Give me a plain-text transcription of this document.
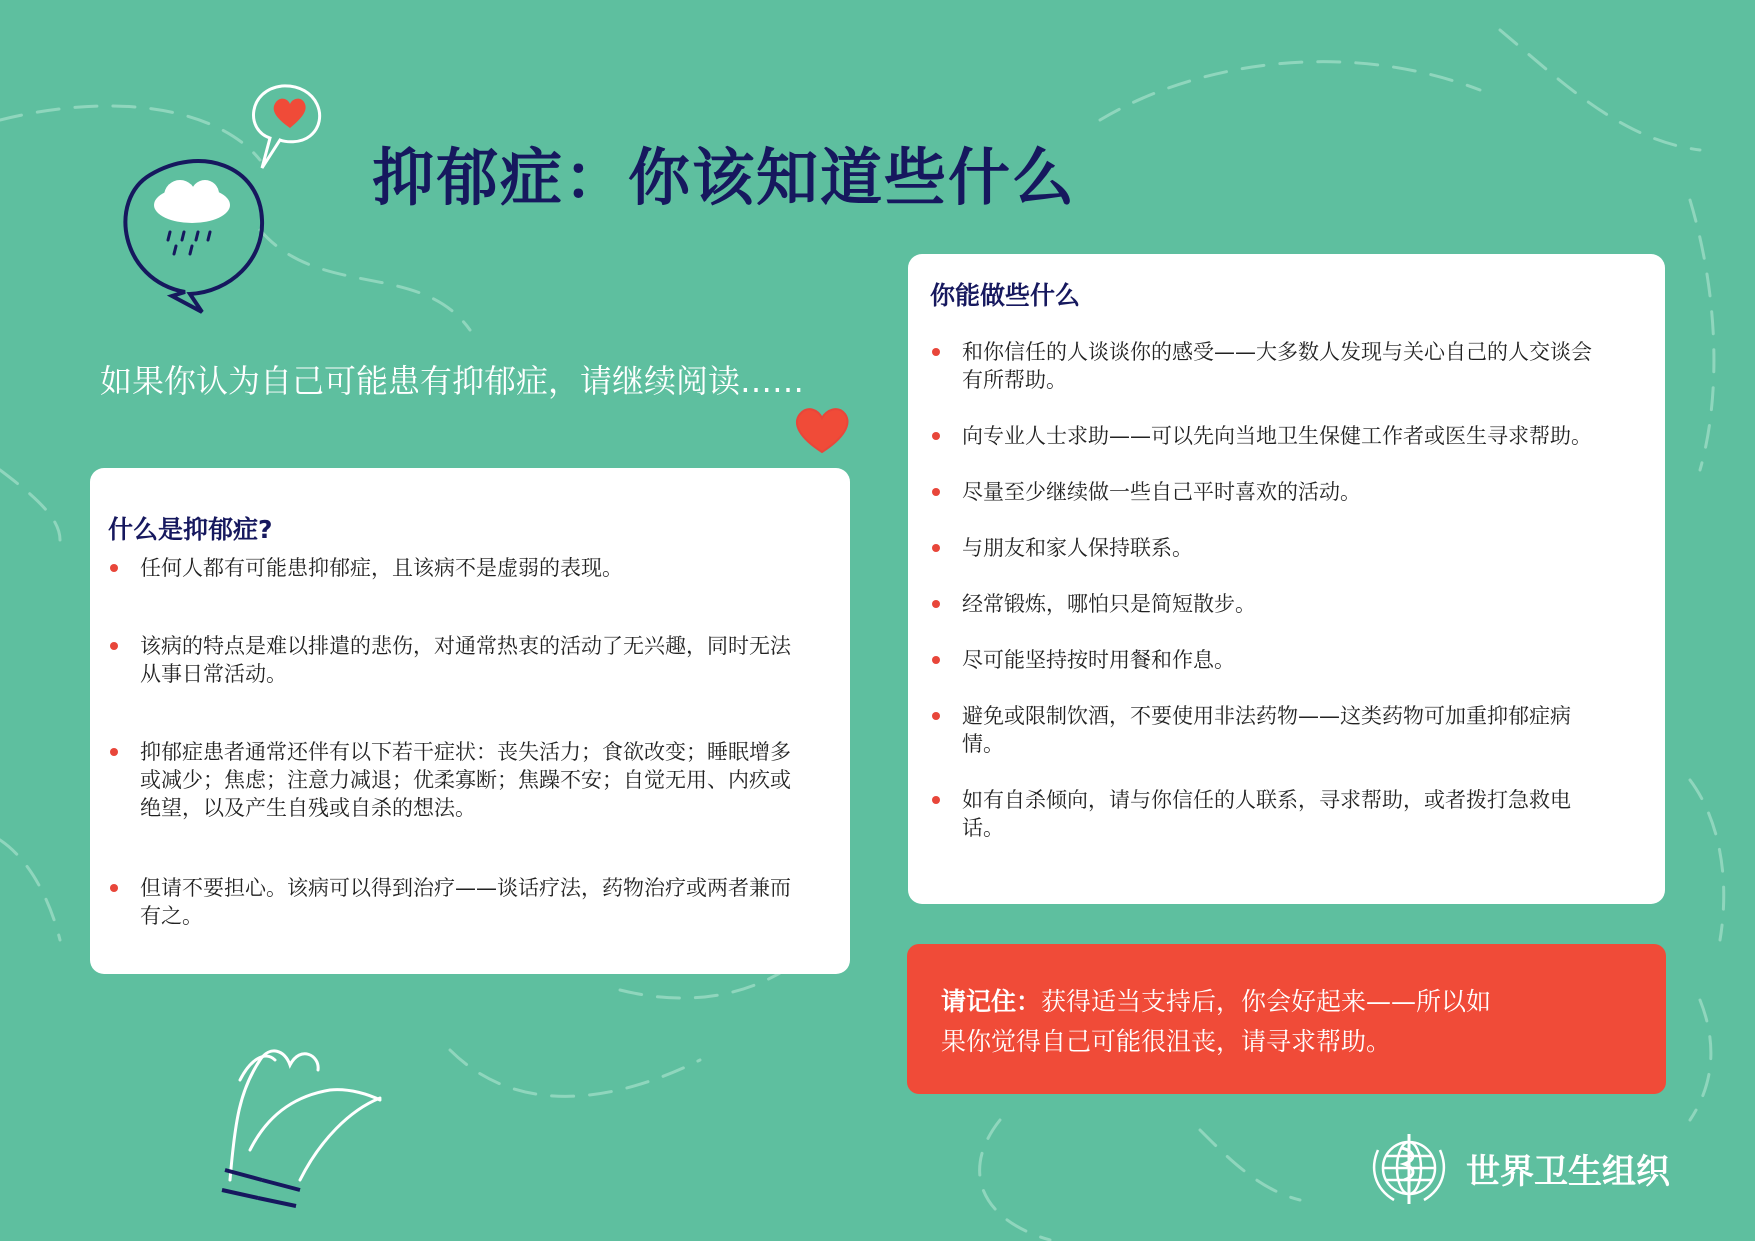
抑郁症：你该知道些什么
如果你认为自己可能患有抑郁症，请继续阅读……
什么是抑郁症?
任何人都有可能患抑郁症，且该病不是虚弱的表现。
该病的特点是难以排遣的悲伤，对通常热衷的活动了无兴趣，同时无法从事日常活动。
抑郁症患者通常还伴有以下若干症状：丧失活力；食欲改变；睡眠增多或减少；焦虑；注意力减退；优柔寡断；焦躁不安；自觉无用、内疚或绝望，以及产生自残或自杀的想法。
但请不要担心。该病可以得到治疗——谈话疗法，药物治疗或两者兼而有之。
你能做些什么
和你信任的人谈谈你的感受——大多数人发现与关心自己的人交谈会有所帮助。
向专业人士求助——可以先向当地卫生保健工作者或医生寻求帮助。
尽量至少继续做一些自己平时喜欢的活动。
与朋友和家人保持联系。
经常锻炼，哪怕只是简短散步。
尽可能坚持按时用餐和作息。
避免或限制饮酒，不要使用非法药物——这类药物可加重抑郁症病情。
如有自杀倾向，请与你信任的人联系，寻求帮助，或者拨打急救电话。
请记住：获得适当支持后，你会好起来——所以如果你觉得自己可能很沮丧，请寻求帮助。
世界卫生组织
